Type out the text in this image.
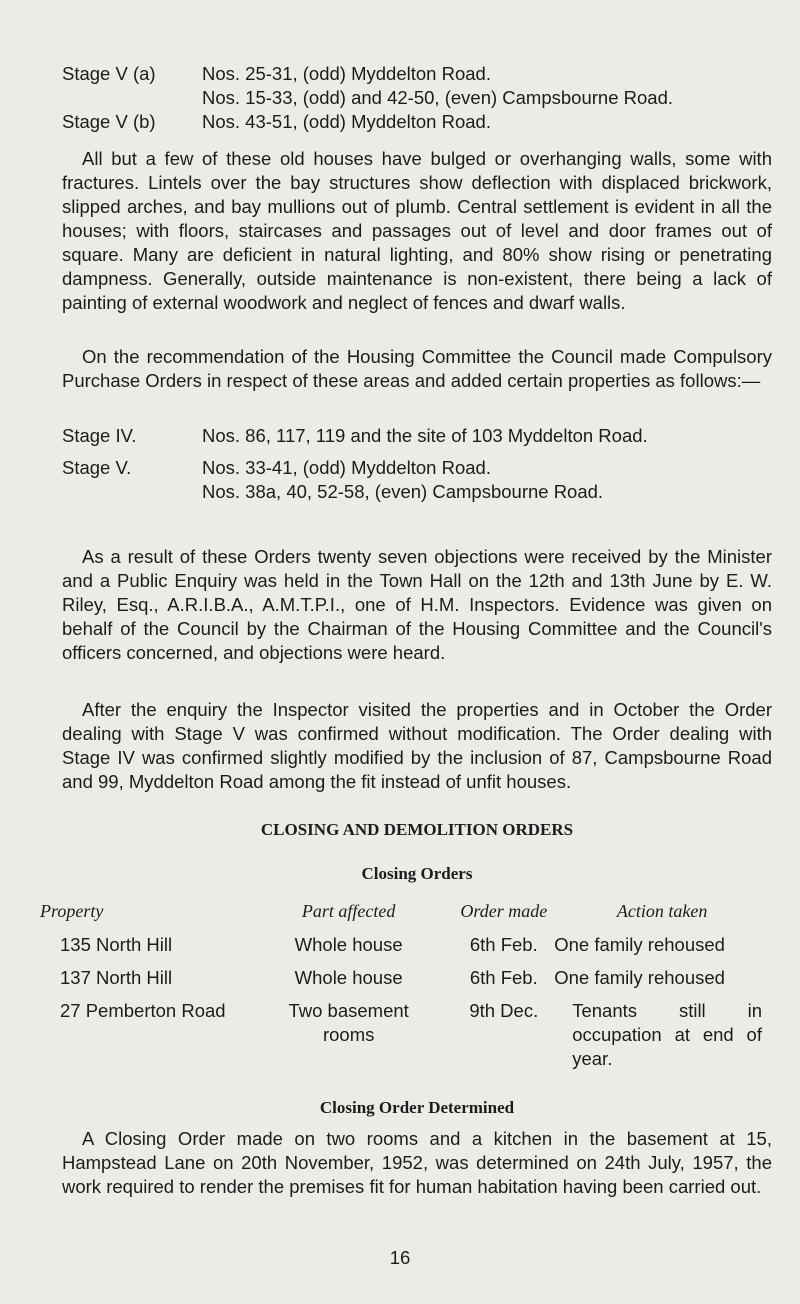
Stage V (a)	Nos. 25-31, (odd) Myddelton Road.
Nos. 15-33, (odd) and 42-50, (even) Campsbourne Road.
Stage V (b)	Nos. 43-51, (odd) Myddelton Road.

All but a few of these old houses have bulged or overhanging walls, some with fractures. Lintels over the bay structures show deflection with displaced brickwork, slipped arches, and bay mullions out of plumb. Central settlement is evident in all the houses; with floors, staircases and passages out of level and door frames out of square. Many are deficient in natural lighting, and 80% show rising or penetrating dampness. Generally, outside maintenance is non-existent, there being a lack of painting of external woodwork and neglect of fences and dwarf walls.

On the recommendation of the Housing Committee the Council made Compulsory Purchase Orders in respect of these areas and added certain properties as follows:—

Stage IV.	Nos. 86, 117, 119 and the site of 103 Myddelton Road.
Stage V.	Nos. 33-41, (odd) Myddelton Road.
Nos. 38a, 40, 52-58, (even) Campsbourne Road.

As a result of these Orders twenty seven objections were received by the Minister and a Public Enquiry was held in the Town Hall on the 12th and 13th June by E. W. Riley, Esq., A.R.I.B.A., A.M.T.P.I., one of H.M. Inspectors. Evidence was given on behalf of the Council by the Chairman of the Housing Committee and the Council's officers concerned, and objections were heard.

After the enquiry the Inspector visited the properties and in October the Order dealing with Stage V was confirmed without modification. The Order dealing with Stage IV was confirmed slightly modified by the inclusion of 87, Campsbourne Road and 99, Myddelton Road among the fit instead of unfit houses.

CLOSING AND DEMOLITION ORDERS
Closing Orders
Property	Part affected	Order made	Action taken

135 North Hill	Whole house	6th Feb.	One family rehoused
137 North Hill	Whole house	6th Feb.	One family rehoused
27 Pemberton Road	Two basement rooms	9th Dec.	Tenants still in occupation at end of year.
Closing Order Determined

A Closing Order made on two rooms and a kitchen in the basement at 15, Hampstead Lane on 20th November, 1952, was determined on 24th July, 1957, the work required to render the premises fit for human habitation having been carried out.

16
